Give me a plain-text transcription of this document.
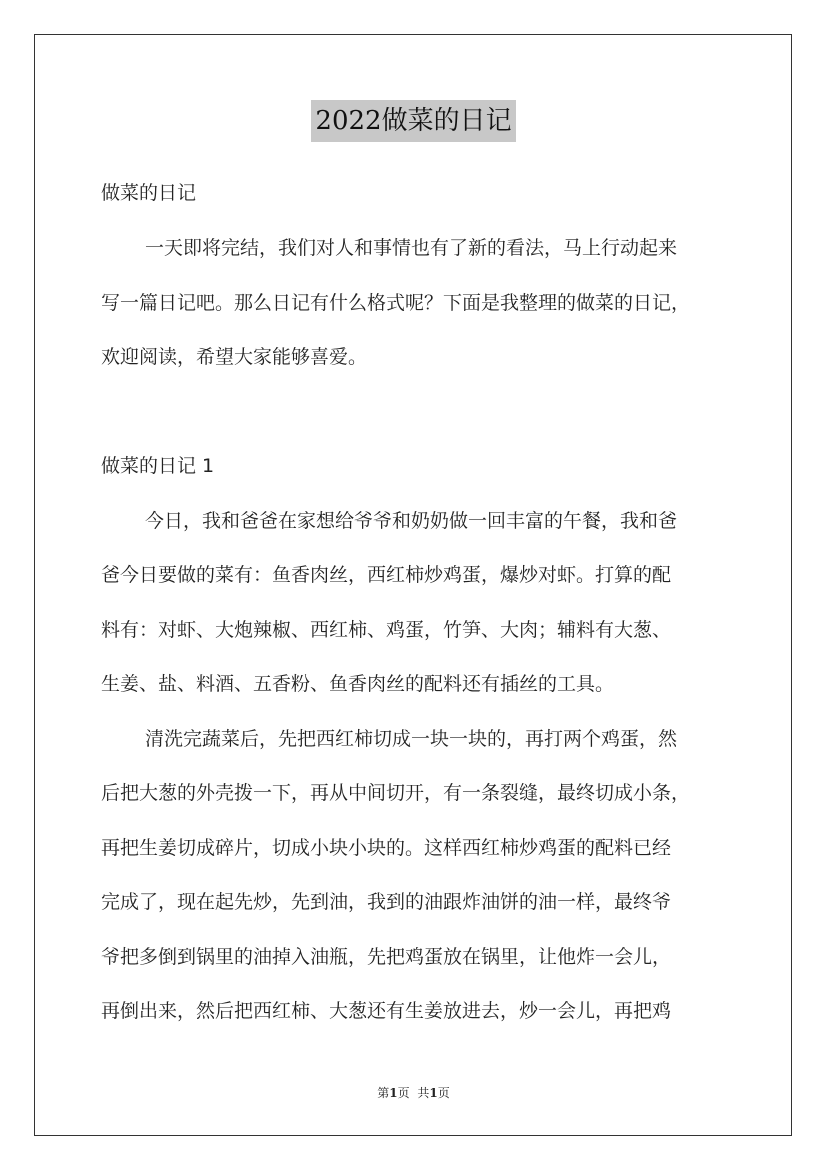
2022做菜的日记
做菜的日记
一天即将完结，我们对人和事情也有了新的看法，马上行动起来
写一篇日记吧。那么日记有什么格式呢？下面是我整理的做菜的日记，
欢迎阅读，希望大家能够喜爱。
做菜的日记 1
今日，我和爸爸在家想给爷爷和奶奶做一回丰富的午餐，我和爸
爸今日要做的菜有：鱼香肉丝，西红柿炒鸡蛋，爆炒对虾。打算的配
料有：对虾、大炮辣椒、西红柿、鸡蛋，竹笋、大肉；辅料有大葱、
生姜、盐、料酒、五香粉、鱼香肉丝的配料还有插丝的工具。
清洗完蔬菜后，先把西红柿切成一块一块的，再打两个鸡蛋，然
后把大葱的外壳拨一下，再从中间切开，有一条裂缝，最终切成小条，
再把生姜切成碎片，切成小块小块的。这样西红柿炒鸡蛋的配料已经
完成了，现在起先炒，先到油，我到的油跟炸油饼的油一样，最终爷
爷把多倒到锅里的油掉入油瓶，先把鸡蛋放在锅里，让他炸一会儿，
再倒出来，然后把西红柿、大葱还有生姜放进去，炒一会儿，再把鸡
第1页 共1页
